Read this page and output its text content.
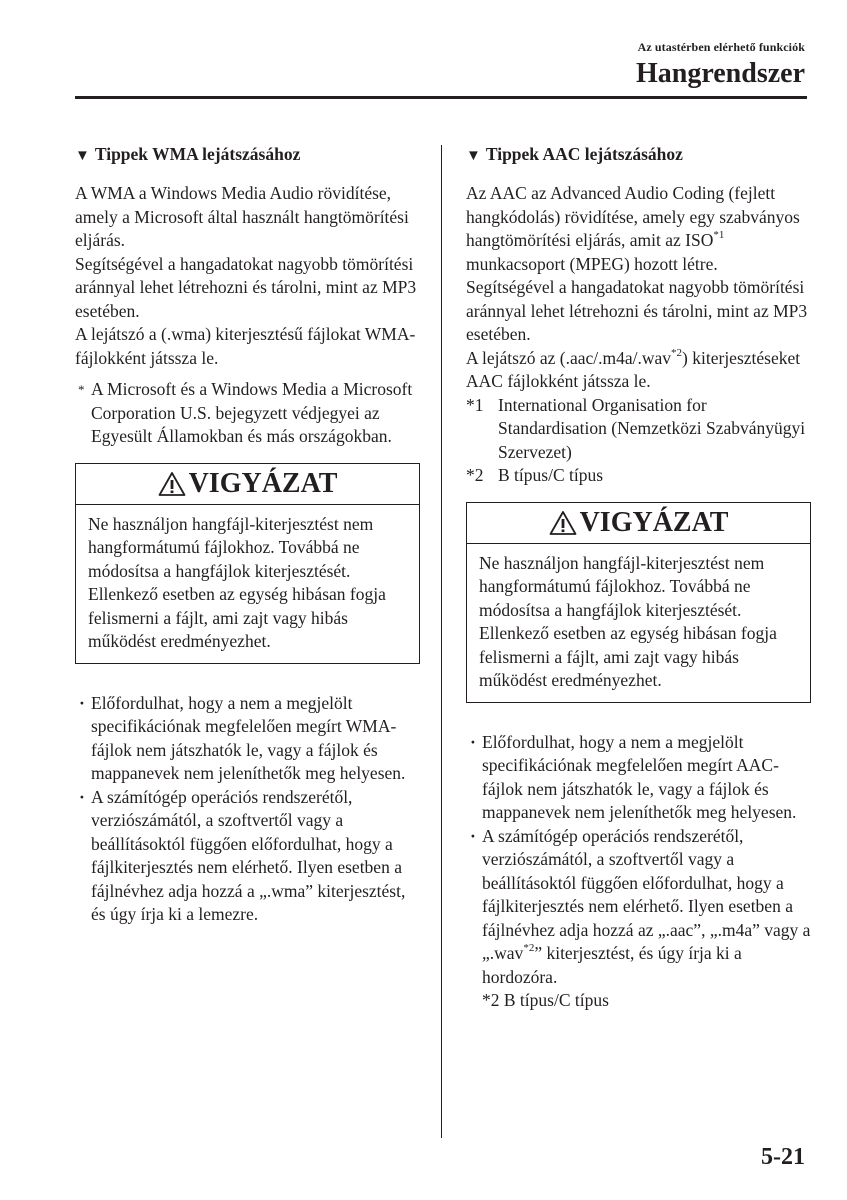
Az utastérben elérhető funkciók
Hangrendszer
▼ Tippek WMA lejátszásához

A WMA a Windows Media Audio rövidítése, amely a Microsoft által használt hangtömörítési eljárás.

Segítségével a hangadatokat nagyobb tömörítési aránnyal lehet létrehozni és tárolni, mint az MP3 esetében.

A lejátszó a (.wma) kiterjesztésű fájlokat WMA-fájlokként játssza le.

* A Microsoft és a Windows Media a Microsoft Corporation U.S. bejegyzett védjegyei az Egyesült Államokban és más országokban.

VIGYÁZAT
Ne használjon hangfájl-kiterjesztést nem hangformátumú fájlokhoz. Továbbá ne módosítsa a hangfájlok kiterjesztését. Ellenkező esetben az egység hibásan fogja felismerni a fájlt, ami zajt vagy hibás működést eredményezhet.

· Előfordulhat, hogy a nem a megjelölt specifikációnak megfelelően megírt WMA-fájlok nem játszhatók le, vagy a fájlok és mappanevek nem jeleníthetők meg helyesen.

· A számítógép operációs rendszerétől, verziószámától, a szoftvertől vagy a beállításoktól függően előfordulhat, hogy a fájlkiterjesztés nem elérhető. Ilyen esetben a fájlnévhez adja hozzá a „.wma” kiterjesztést, és úgy írja ki a lemezre.

▼ Tippek AAC lejátszásához

Az AAC az Advanced Audio Coding (fejlett hangkódolás) rövidítése, amely egy szabványos hangtömörítési eljárás, amit az ISO$^{*1}$ munkacsoport (MPEG) hozott létre.

Segítségével a hangadatokat nagyobb tömörítési aránnyal lehet létrehozni és tárolni, mint az MP3 esetében.

A lejátszó az (.aac/.m4a/.wav$^{*2}$) kiterjesztéseket AAC fájlokként játssza le.

*1 International Organisation for Standardisation (Nemzetközi Szabványügyi Szervezet)

*2 B típus/C típus

VIGYÁZAT
Ne használjon hangfájl-kiterjesztést nem hangformátumú fájlokhoz. Továbbá ne módosítsa a hangfájlok kiterjesztését. Ellenkező esetben az egység hibásan fogja felismerni a fájlt, ami zajt vagy hibás működést eredményezhet.

· Előfordulhat, hogy a nem a megjelölt specifikációnak megfelelően megírt AAC-fájlok nem játszhatók le, vagy a fájlok és mappanevek nem jeleníthetők meg helyesen.

· A számítógép operációs rendszerétől, verziószámától, a szoftvertől vagy a beállításoktól függően előfordulhat, hogy a fájlkiterjesztés nem elérhető. Ilyen esetben a fájlnévhez adja hozzá az „.aac”, „.m4a” vagy a „.wav$^{*2}$” kiterjesztést, és úgy írja ki a hordozóra.
*2 B típus/C típus

5-21
